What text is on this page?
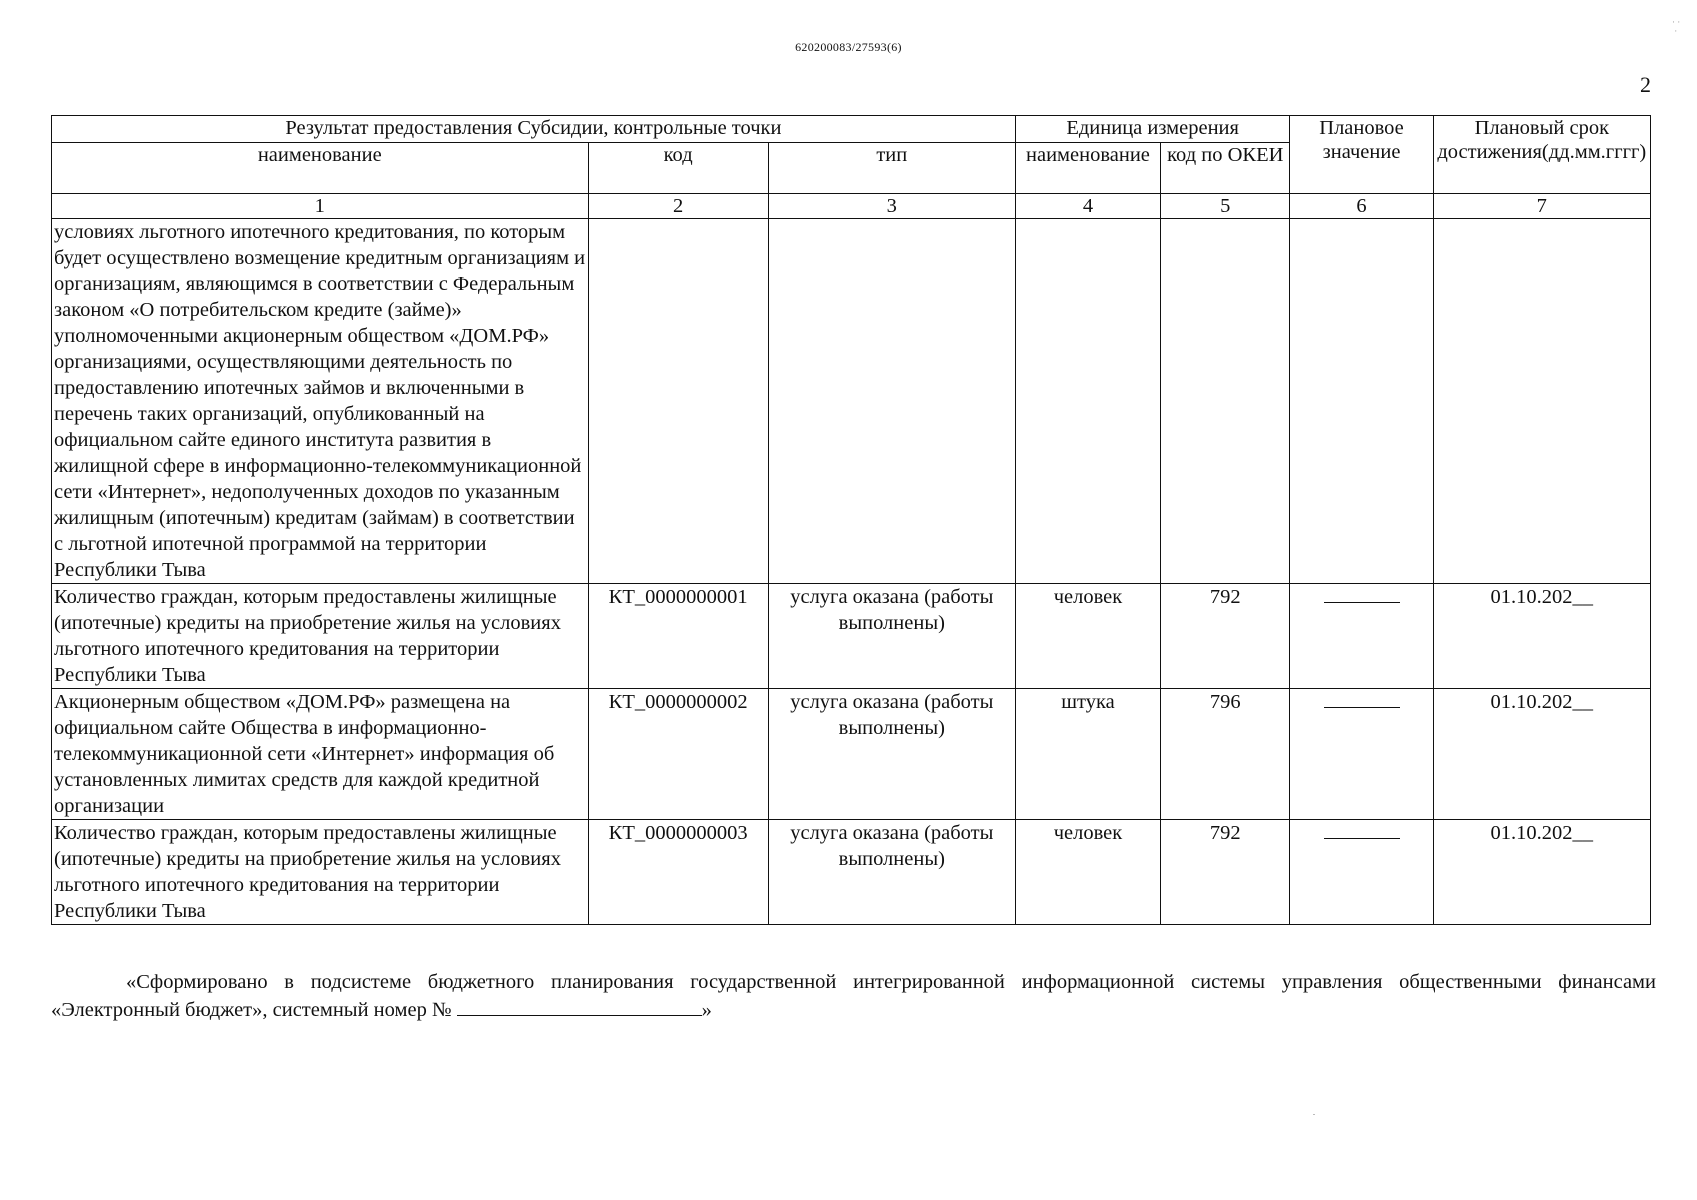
620200083/27593(6)
2
· ·
·
Результат предоставления Субсидии, контрольные точки			Единица измерения		Плановое значение	Плановый срок достижения(дд.мм.гггг)
наименование	код	тип	наименование	код по ОКЕИ		
1	2	3	4	5	6	7
условиях льготного ипотечного кредитования, по которым будет осуществлено возмещение кредитным организациям и организациям, являющимся в соответствии с Федеральным законом «О потребительском кредите (займе)» уполномоченными акционерным обществом «ДОМ.РФ» организациями, осуществляющими деятельность по предоставлению ипотечных займов и включенными в перечень таких организаций, опубликованный на официальном сайте единого института развития в жилищной сфере в информационно-телекоммуникационной сети «Интернет», недополученных доходов по указанным жилищным (ипотечным) кредитам (займам) в соответствии с льготной ипотечной программой на территории Республики Тыва						
Количество граждан, которым предоставлены жилищные (ипотечные) кредиты на приобретение жилья на условиях льготного ипотечного кредитования на территории Республики Тыва	КТ_0000000001	услуга оказана (работы выполнены)	человек	792		01.10.202__
Акционерным обществом «ДОМ.РФ» размещена на официальном сайте Общества в информационно-телекоммуникационной сети «Интернет» информация об установленных лимитах средств для каждой кредитной организации	КТ_0000000002	услуга оказана (работы выполнены)	штука	796		01.10.202__
Количество граждан, которым предоставлены жилищные (ипотечные) кредиты на приобретение жилья на условиях льготного ипотечного кредитования на территории Республики Тыва	КТ_0000000003	услуга оказана (работы выполнены)	человек	792		01.10.202__
«Сформировано в подсистеме бюджетного планирования государственной интегрированной информационной системы управления общественными финансами «Электронный бюджет», системный номер №	»
